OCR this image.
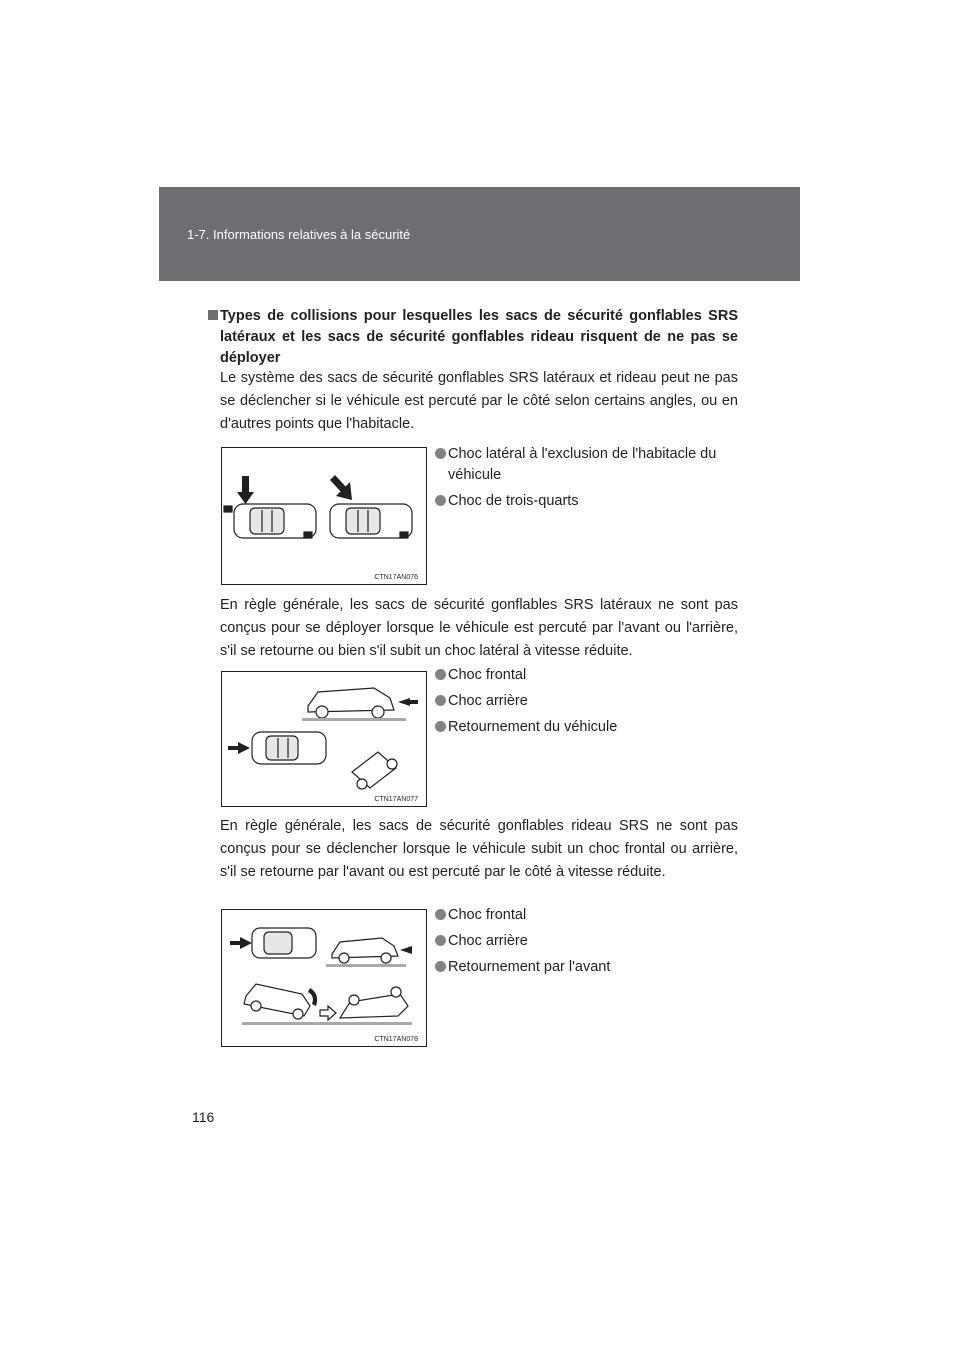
1-7. Informations relatives à la sécurité
Types de collisions pour lesquelles les sacs de sécurité gonflables SRS latéraux et les sacs de sécurité gonflables rideau risquent de ne pas se déployer
Le système des sacs de sécurité gonflables SRS latéraux et rideau peut ne pas se déclencher si le véhicule est percuté par le côté selon certains angles, ou en d'autres points que l'habitacle.
CTN17AN076
Choc latéral à l'exclusion de l'habitacle du véhicule
Choc de trois-quarts
En règle générale, les sacs de sécurité gonflables SRS latéraux ne sont pas conçus pour se déployer lorsque le véhicule est percuté par l'avant ou l'arrière, s'il se retourne ou bien s'il subit un choc latéral à vitesse réduite.
CTN17AN077
Choc frontal
Choc arrière
Retournement du véhicule
En règle générale, les sacs de sécurité gonflables rideau SRS ne sont pas conçus pour se déclencher lorsque le véhicule subit un choc frontal ou arrière, s'il se retourne par l'avant ou est percuté par le côté à vitesse réduite.
CTN17AN078
Choc frontal
Choc arrière
Retournement par l'avant
116
